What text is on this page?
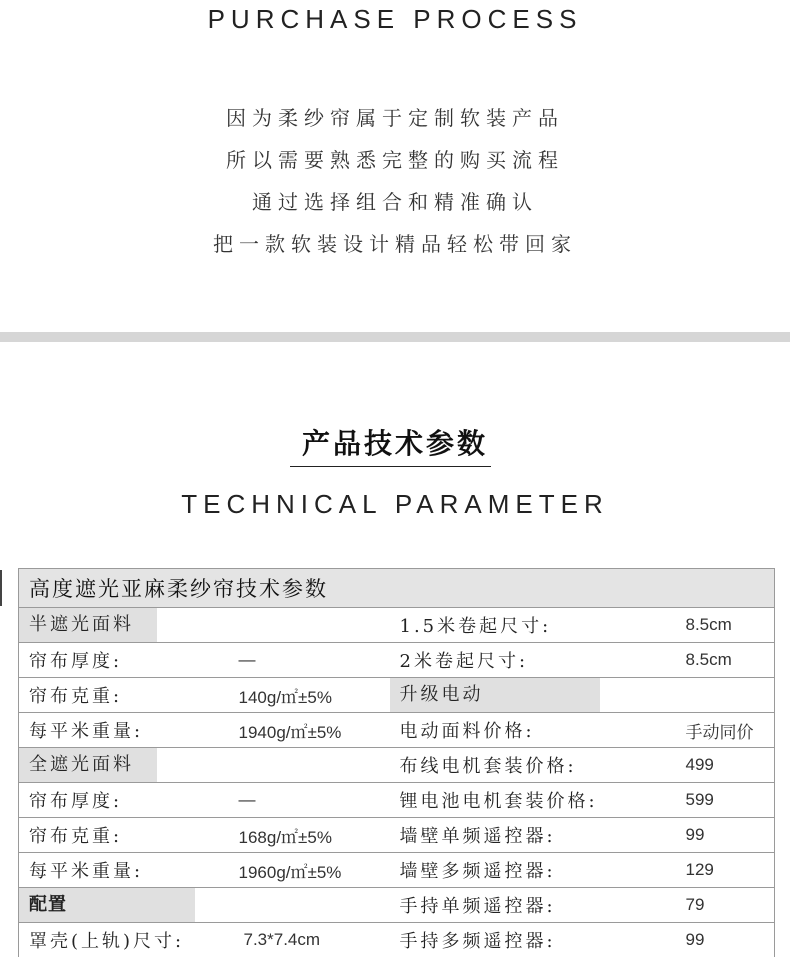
PURCHASE PROCESS
因为柔纱帘属于定制软装产品
所以需要熟悉完整的购买流程
通过选择组合和精准确认
把一款软装设计精品轻松带回家
产品技术参数
TECHNICAL PARAMETER
高度遮光亚麻柔纱帘技术参数			
半遮光面料		1.5米卷起尺寸:	8.5cm

帘布厚度:	—	2米卷起尺寸:	8.5cm

帘布克重:	140g/㎡±5%	升级电动	

每平米重量:	1940g/㎡±5%	电动面料价格:	手动同价

全遮光面料		布线电机套装价格:	499

帘布厚度:	—	锂电池电机套装价格:	599

帘布克重:	168g/㎡±5%	墙壁单频遥控器:	99

每平米重量:	1960g/㎡±5%	墙壁多频遥控器:	129

配置		手持单频遥控器:	79

罩壳(上轨)尺寸:	7.3*7.4cm	手持多频遥控器:	99
